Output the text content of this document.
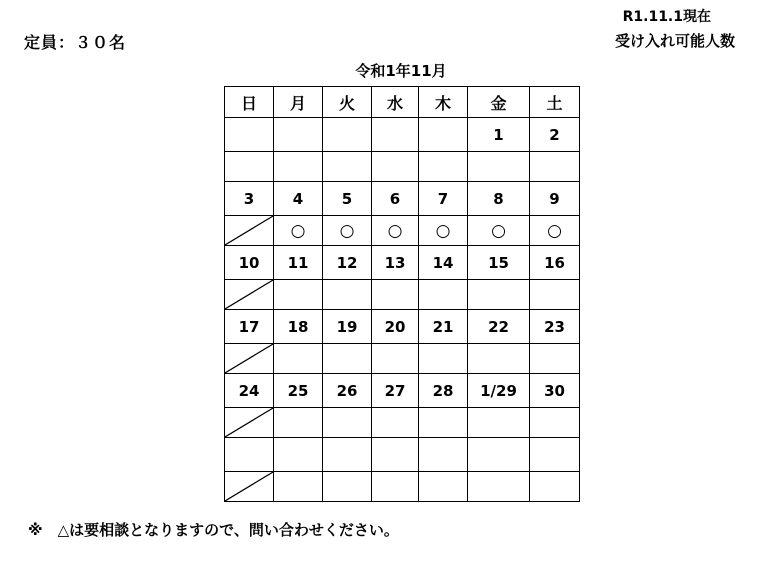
定員：３０名
R1.11.1現在
受け入れ可能人数
令和1年11月
日	月	火	水	木	金	土
					1	2

3	4	5	6	7	8	9

	○	○	○	○	○	○
10	11	12	13	14	15	16

17	18	19	20	21	22	23

24	25	26	27	28	1/29	30

※　△は要相談となりますので、問い合わせください。
